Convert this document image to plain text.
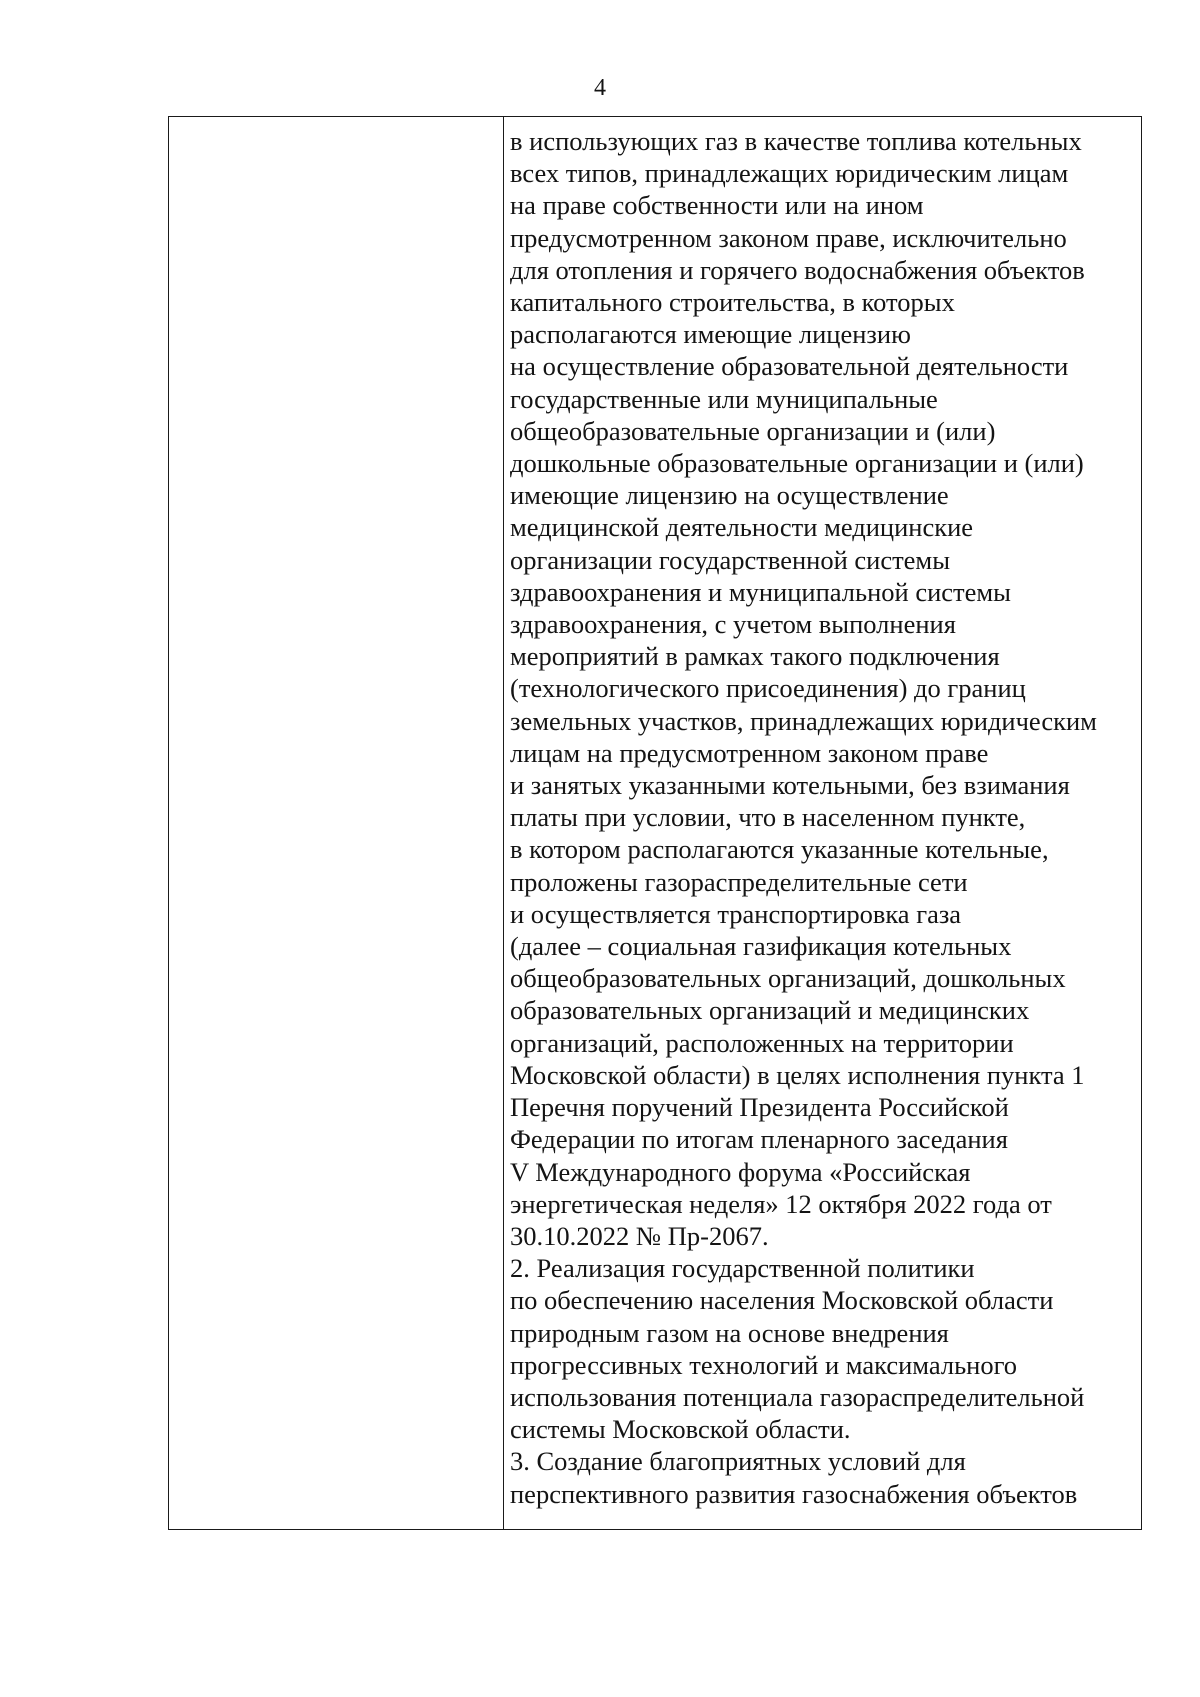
4
в использующих газ в качестве топлива котельных
всех типов, принадлежащих юридическим лицам
на праве собственности или на ином
предусмотренном законом праве, исключительно
для отопления и горячего водоснабжения объектов
капитального строительства, в которых
располагаются имеющие лицензию
на осуществление образовательной деятельности
государственные или муниципальные
общеобразовательные организации и (или)
дошкольные образовательные организации и (или)
имеющие лицензию на осуществление
медицинской деятельности медицинские
организации государственной системы
здравоохранения и муниципальной системы
здравоохранения, с учетом выполнения
мероприятий в рамках такого подключения
(технологического присоединения) до границ
земельных участков, принадлежащих юридическим
лицам на предусмотренном законом праве
и занятых указанными котельными, без взимания
платы при условии, что в населенном пункте,
в котором располагаются указанные котельные,
проложены газораспределительные сети
и осуществляется транспортировка газа
(далее – социальная газификация котельных
общеобразовательных организаций, дошкольных
образовательных организаций и медицинских
организаций, расположенных на территории
Московской области) в целях исполнения пункта 1
Перечня поручений Президента Российской
Федерации по итогам пленарного заседания
V Международного форума «Российская
энергетическая неделя» 12 октября 2022 года от
30.10.2022 № Пр-2067.
2. Реализация государственной политики
по обеспечению населения Московской области
природным газом на основе внедрения
прогрессивных технологий и максимального
использования потенциала газораспределительной
системы Московской области.
3. Создание благоприятных условий для
перспективного развития газоснабжения объектов
